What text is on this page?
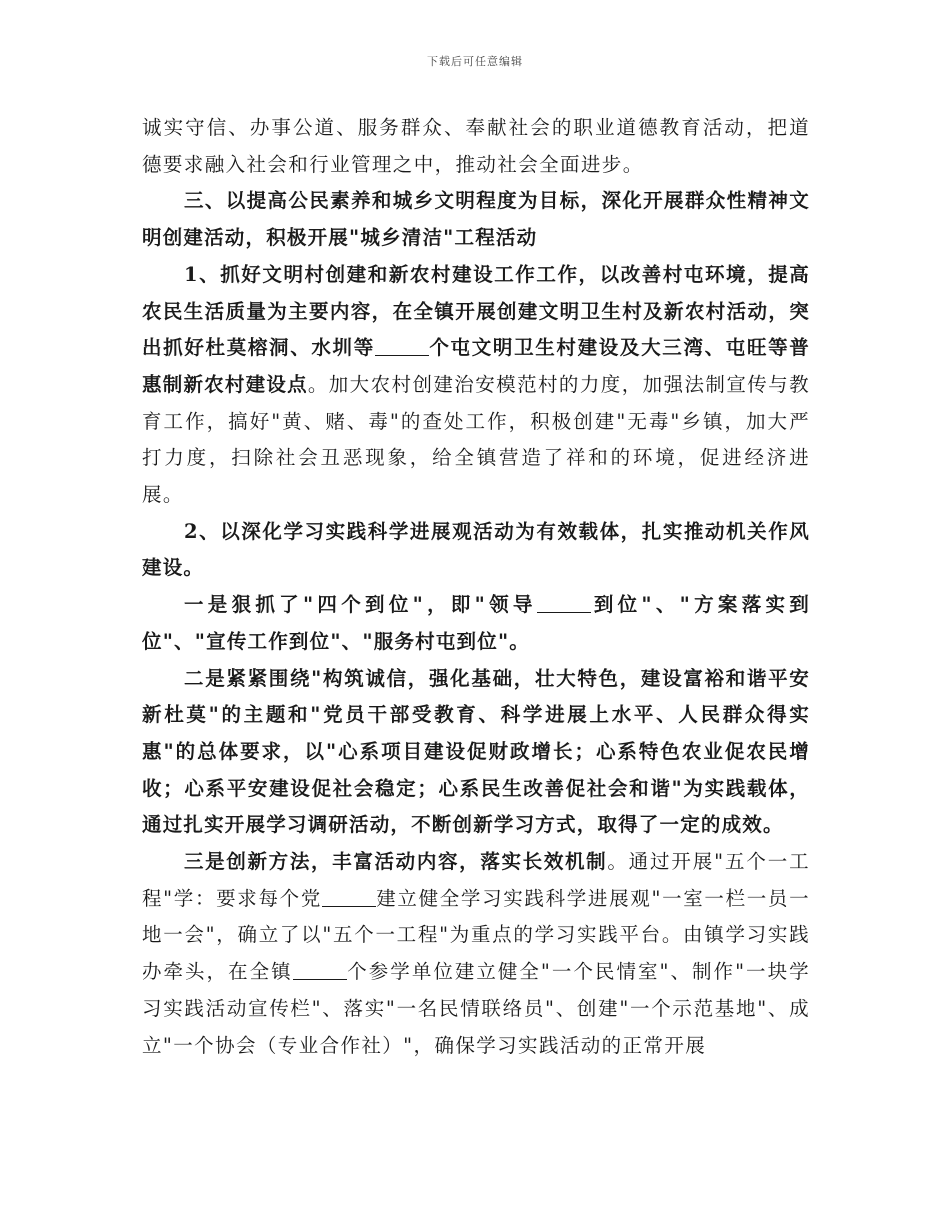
下载后可任意编辑

诚实守信、办事公道、服务群众、奉献社会的职业道德教育活动，把道德要求融入社会和行业管理之中，推动社会全面进步。

三、以提高公民素养和城乡文明程度为目标，深化开展群众性精神文明创建活动，积极开展"城乡清洁"工程活动

1、抓好文明村创建和新农村建设工作工作，以改善村屯环境，提高农民生活质量为主要内容，在全镇开展创建文明卫生村及新农村活动，突出抓好杜莫榕洞、水圳等	个屯文明卫生村建设及大三湾、屯旺等普惠制新农村建设点。加大农村创建治安模范村的力度，加强法制宣传与教育工作，搞好"黄、赌、毒"的查处工作，积极创建"无毒"乡镇，加大严打力度，扫除社会丑恶现象，给全镇营造了祥和的环境，促进经济进展。

2、以深化学习实践科学进展观活动为有效载体，扎实推动机关作风建设。

一是狠抓了"四个到位"，即"领导	到位"、"方案落实到位"、"宣传工作到位"、"服务村屯到位"。

二是紧紧围绕"构筑诚信，强化基础，壮大特色，建设富裕和谐平安新杜莫"的主题和"党员干部受教育、科学进展上水平、人民群众得实惠"的总体要求，以"心系项目建设促财政增长；心系特色农业促农民增收；心系平安建设促社会稳定；心系民生改善促社会和谐"为实践载体，通过扎实开展学习调研活动，不断创新学习方式，取得了一定的成效。

三是创新方法，丰富活动内容，落实长效机制。通过开展"五个一工程"学：要求每个党	建立健全学习实践科学进展观"一室一栏一员一地一会"，确立了以"五个一工程"为重点的学习实践平台。由镇学习实践办牵头，在全镇	个参学单位建立健全"一个民情室"、制作"一块学习实践活动宣传栏"、落实"一名民情联络员"、创建"一个示范基地"、成立"一个协会（专业合作社）"，确保学习实践活动的正常开展
